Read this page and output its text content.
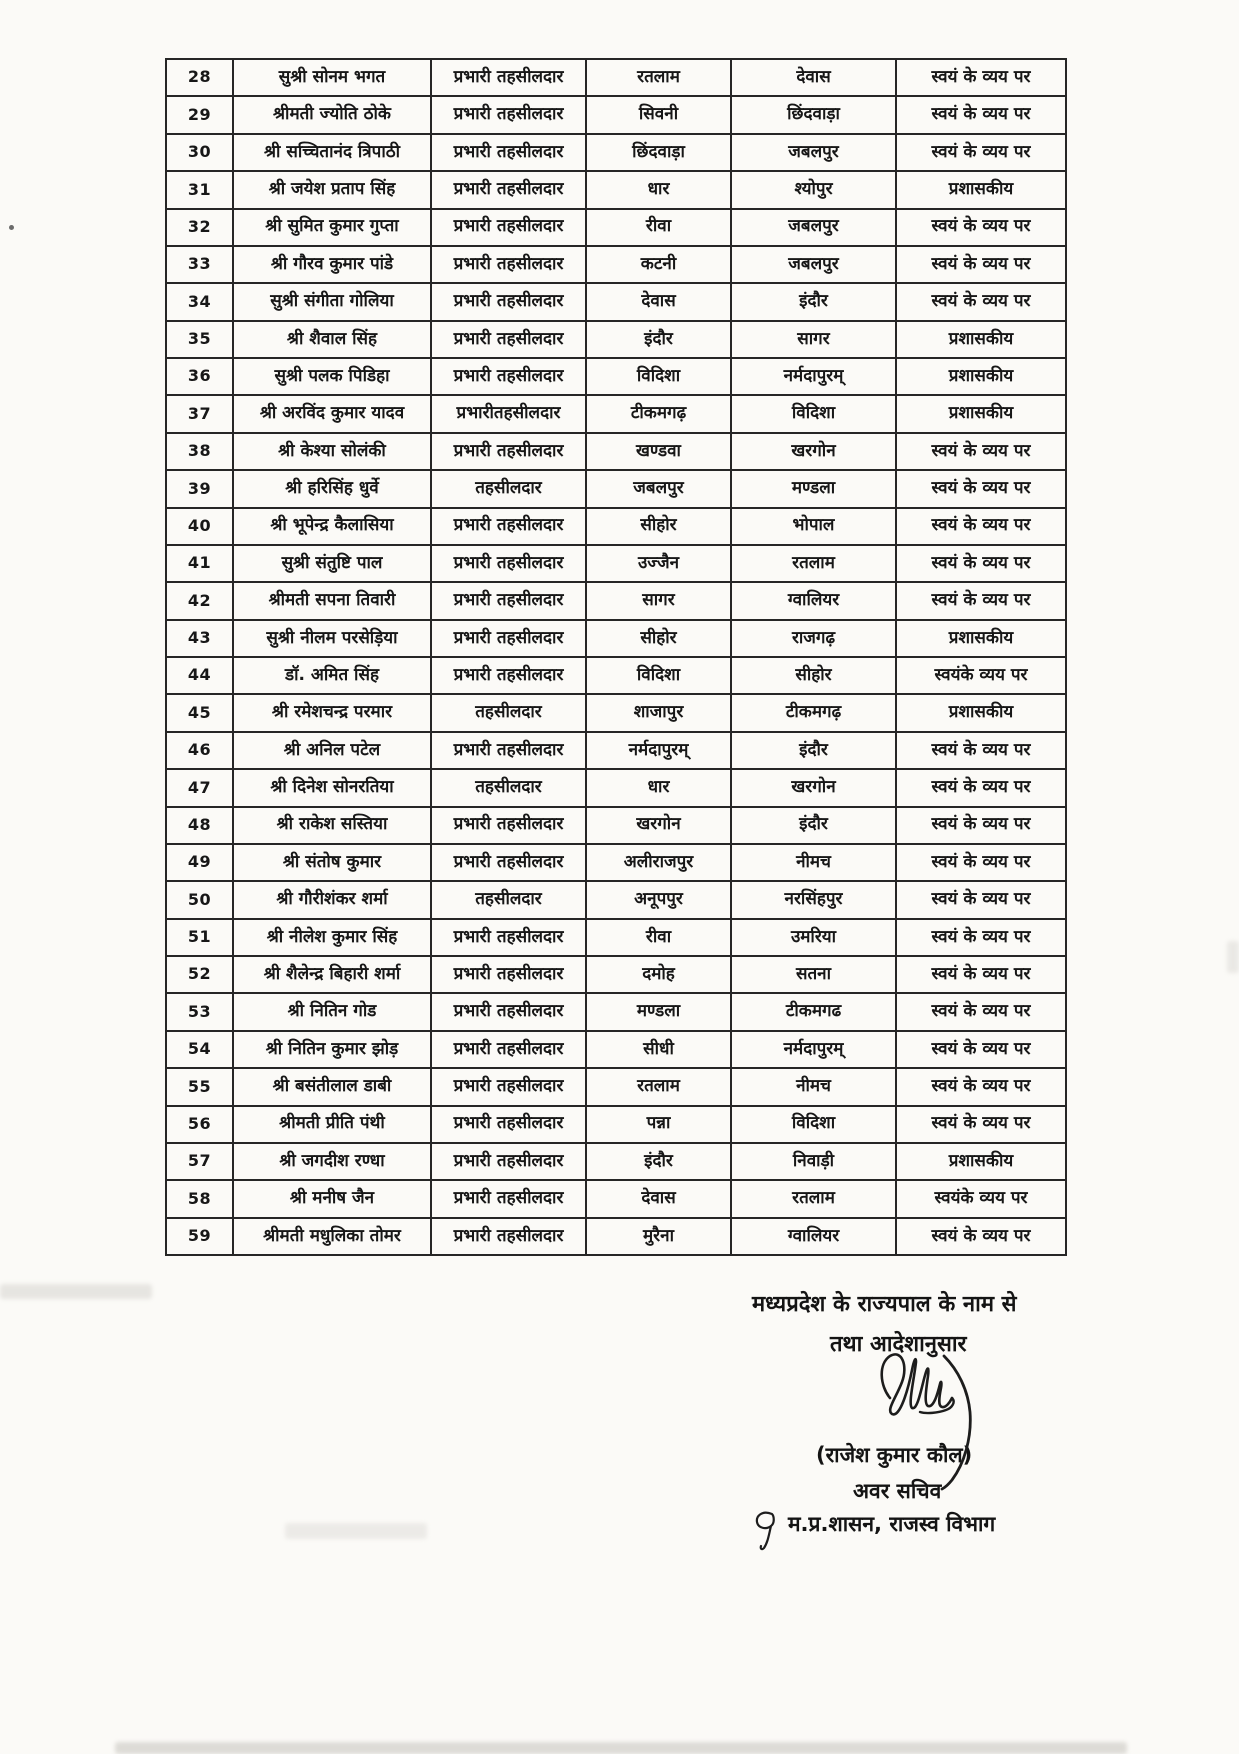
28	सुश्री सोनम भगत	प्रभारी तहसीलदार	रतलाम	देवास	स्वयं के व्यय पर
29	श्रीमती ज्योति ठोके	प्रभारी तहसीलदार	सिवनी	छिंदवाड़ा	स्वयं के व्यय पर
30	श्री सच्चितानंद त्रिपाठी	प्रभारी तहसीलदार	छिंदवाड़ा	जबलपुर	स्वयं के व्यय पर
31	श्री जयेश प्रताप सिंह	प्रभारी तहसीलदार	धार	श्योपुर	प्रशासकीय
32	श्री सुमित कुमार गुप्ता	प्रभारी तहसीलदार	रीवा	जबलपुर	स्वयं के व्यय पर
33	श्री गौरव कुमार पांडे	प्रभारी तहसीलदार	कटनी	जबलपुर	स्वयं के व्यय पर
34	सुश्री संगीता गोलिया	प्रभारी तहसीलदार	देवास	इंदौर	स्वयं के व्यय पर
35	श्री शैवाल सिंह	प्रभारी तहसीलदार	इंदौर	सागर	प्रशासकीय
36	सुश्री पलक पिडिहा	प्रभारी तहसीलदार	विदिशा	नर्मदापुरम्	प्रशासकीय
37	श्री अरविंद कुमार यादव	प्रभारीतहसीलदार	टीकमगढ़	विदिशा	प्रशासकीय
38	श्री केश्या सोलंकी	प्रभारी तहसीलदार	खण्डवा	खरगोन	स्वयं के व्यय पर
39	श्री हरिसिंह धुर्वे	तहसीलदार	जबलपुर	मण्डला	स्वयं के व्यय पर
40	श्री भूपेन्द्र कैलासिया	प्रभारी तहसीलदार	सीहोर	भोपाल	स्वयं के व्यय पर
41	सुश्री संतुष्टि पाल	प्रभारी तहसीलदार	उज्जैन	रतलाम	स्वयं के व्यय पर
42	श्रीमती सपना तिवारी	प्रभारी तहसीलदार	सागर	ग्वालियर	स्वयं के व्यय पर
43	सुश्री नीलम परसेड़िया	प्रभारी तहसीलदार	सीहोर	राजगढ़	प्रशासकीय
44	डॉ. अमित सिंह	प्रभारी तहसीलदार	विदिशा	सीहोर	स्वयंके व्यय पर
45	श्री रमेशचन्द्र परमार	तहसीलदार	शाजापुर	टीकमगढ़	प्रशासकीय
46	श्री अनिल पटेल	प्रभारी तहसीलदार	नर्मदापुरम्	इंदौर	स्वयं के व्यय पर
47	श्री दिनेश सोनरतिया	तहसीलदार	धार	खरगोन	स्वयं के व्यय पर
48	श्री राकेश सस्तिया	प्रभारी तहसीलदार	खरगोन	इंदौर	स्वयं के व्यय पर
49	श्री संतोष कुमार	प्रभारी तहसीलदार	अलीराजपुर	नीमच	स्वयं के व्यय पर
50	श्री गौरीशंकर शर्मा	तहसीलदार	अनूपपुर	नरसिंहपुर	स्वयं के व्यय पर
51	श्री नीलेश कुमार सिंह	प्रभारी तहसीलदार	रीवा	उमरिया	स्वयं के व्यय पर
52	श्री शैलेन्द्र बिहारी शर्मा	प्रभारी तहसीलदार	दमोह	सतना	स्वयं के व्यय पर
53	श्री नितिन गोड	प्रभारी तहसीलदार	मण्डला	टीकमगढ	स्वयं के व्यय पर
54	श्री नितिन कुमार झोड़	प्रभारी तहसीलदार	सीधी	नर्मदापुरम्	स्वयं के व्यय पर
55	श्री बसंतीलाल डाबी	प्रभारी तहसीलदार	रतलाम	नीमच	स्वयं के व्यय पर
56	श्रीमती प्रीति पंथी	प्रभारी तहसीलदार	पन्ना	विदिशा	स्वयं के व्यय पर
57	श्री जगदीश रण्धा	प्रभारी तहसीलदार	इंदौर	निवाड़ी	प्रशासकीय
58	श्री मनीष जैन	प्रभारी तहसीलदार	देवास	रतलाम	स्वयंके व्यय पर
59	श्रीमती मधुलिका तोमर	प्रभारी तहसीलदार	मुरैना	ग्वालियर	स्वयं के व्यय पर
मध्यप्रदेश के राज्यपाल के नाम से
तथा आदेशानुसार
(राजेश कुमार कौल)
अवर सचिव
म.प्र.शासन, राजस्व विभाग
